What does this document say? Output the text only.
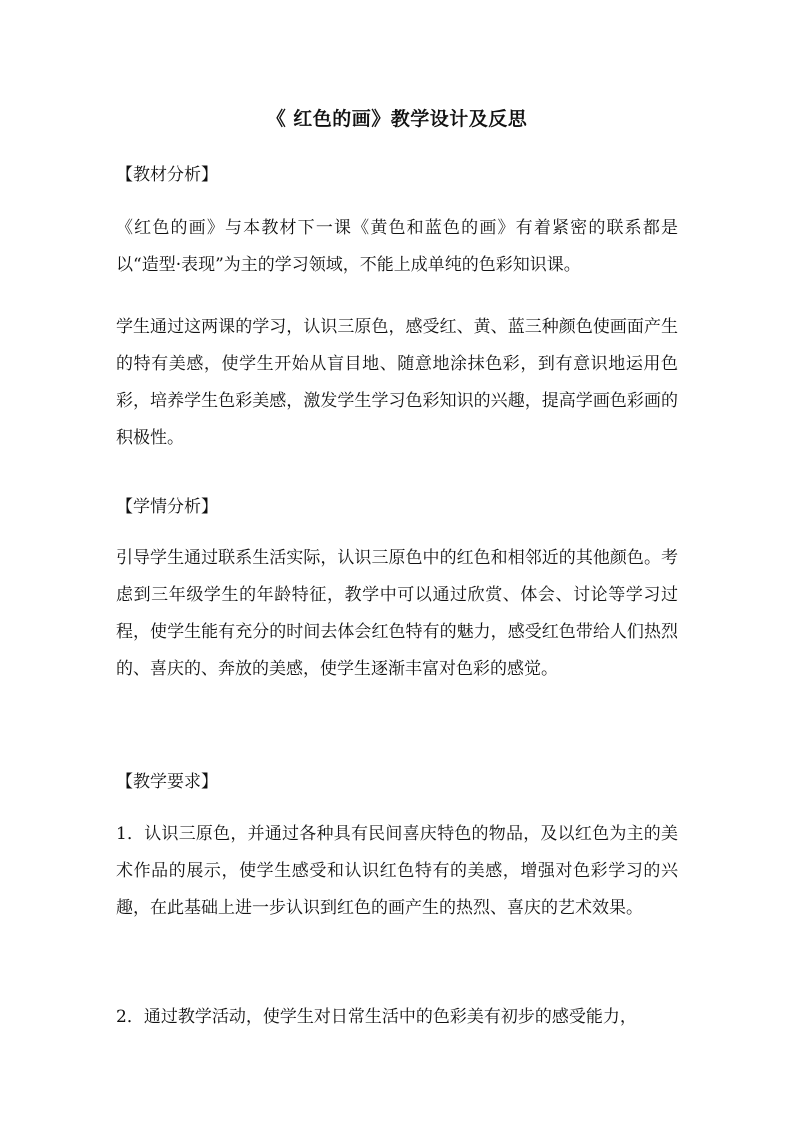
《 红色的画》教学设计及反思

【教材分析】

《红色的画》与本教材下一课《黄色和蓝色的画》有着紧密的联系都是以“造型·表现”为主的学习领域，不能上成单纯的色彩知识课。

学生通过这两课的学习，认识三原色，感受红、黄、蓝三种颜色使画面产生的特有美感，使学生开始从盲目地、随意地涂抹色彩，到有意识地运用色彩，培养学生色彩美感，激发学生学习色彩知识的兴趣，提高学画色彩画的积极性。

【学情分析】

引导学生通过联系生活实际，认识三原色中的红色和相邻近的其他颜色。考虑到三年级学生的年龄特征，教学中可以通过欣赏、体会、讨论等学习过程，使学生能有充分的时间去体会红色特有的魅力，感受红色带给人们热烈的、喜庆的、奔放的美感，使学生逐渐丰富对色彩的感觉。

【教学要求】

1．认识三原色，并通过各种具有民间喜庆特色的物品，及以红色为主的美术作品的展示，使学生感受和认识红色特有的美感，增强对色彩学习的兴趣，在此基础上进一步认识到红色的画产生的热烈、喜庆的艺术效果。

2．通过教学活动，使学生对日常生活中的色彩美有初步的感受能力，
